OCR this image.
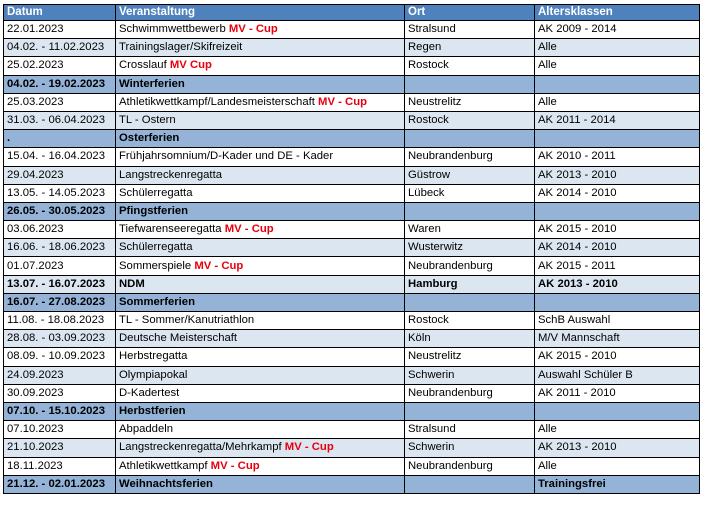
Datum	Veranstaltung	Ort	Altersklassen
22.01.2023	Schwimmwettbewerb MV - Cup	Stralsund	AK 2009 - 2014
04.02. - 11.02.2023	Trainingslager/Skifreizeit	Regen	Alle
25.02.2023	Crosslauf MV Cup	Rostock	Alle
04.02. - 19.02.2023	Winterferien		
25.03.2023	Athletikwettkampf/Landesmeisterschaft MV - Cup	Neustrelitz	Alle
31.03. - 06.04.2023	TL - Ostern	Rostock	AK 2011 - 2014
.	Osterferien		
15.04. - 16.04.2023	Frühjahrsomnium/D-Kader und DE - Kader	Neubrandenburg	AK 2010 - 2011
29.04.2023	Langstreckenregatta	Güstrow	AK 2013 - 2010
13.05. - 14.05.2023	Schülerregatta	Lübeck	AK 2014 - 2010
26.05. - 30.05.2023	Pfingstferien		
03.06.2023	Tiefwarenseeregatta MV - Cup	Waren	AK 2015 - 2010
16.06. - 18.06.2023	Schülerregatta	Wusterwitz	AK 2014 - 2010
01.07.2023	Sommerspiele MV - Cup	Neubrandenburg	AK 2015 - 2011
13.07. - 16.07.2023	NDM	Hamburg	AK 2013 - 2010
16.07. - 27.08.2023	Sommerferien		
11.08. - 18.08.2023	TL - Sommer/Kanutriathlon	Rostock	SchB Auswahl
28.08. - 03.09.2023	Deutsche Meisterschaft	Köln	M/V Mannschaft
08.09. - 10.09.2023	Herbstregatta	Neustrelitz	AK 2015 - 2010
24.09.2023	Olympiapokal	Schwerin	Auswahl Schüler B
30.09.2023	D-Kadertest	Neubrandenburg	AK 2011 - 2010
07.10. - 15.10.2023	Herbstferien		
07.10.2023	Abpaddeln	Stralsund	Alle
21.10.2023	Langstreckenregatta/Mehrkampf MV - Cup	Schwerin	AK 2013 - 2010
18.11.2023	Athletikwettkampf MV - Cup	Neubrandenburg	Alle
21.12. - 02.01.2023	Weihnachtsferien		Trainingsfrei
